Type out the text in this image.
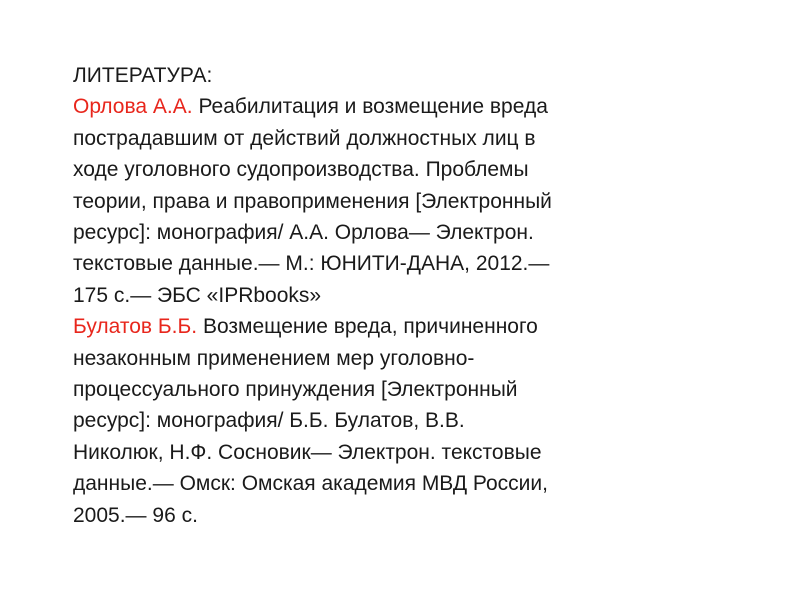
ЛИТЕРАТУРА:
Орлова А.А. Реабилитация и возмещение вреда
пострадавшим от действий должностных лиц в
ходе уголовного судопроизводства. Проблемы
теории, права и правоприменения [Электронный
ресурс]: монография/ А.А. Орлова— Электрон.
текстовые данные.— М.: ЮНИТИ-ДАНА, 2012.—
175 с.— ЭБС «IPRbooks»
Булатов Б.Б. Возмещение вреда, причиненного
незаконным применением мер уголовно-
процессуального принуждения [Электронный
ресурс]: монография/ Б.Б. Булатов, В.В.
Николюк, Н.Ф. Сосновик— Электрон. текстовые
данные.— Омск: Омская академия МВД России,
2005.— 96 с.
